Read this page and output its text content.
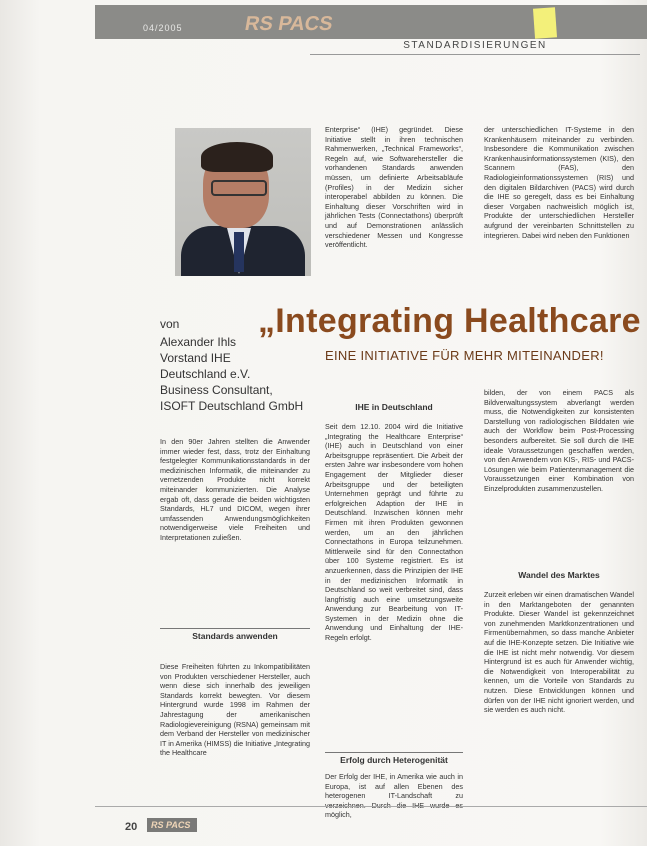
04/2005	RS PACS
STANDARDISIERUNGEN

Enterprise“ (IHE) gegründet. Diese Initiative stellt in ihren technischen Rahmenwerken, „Technical Frameworks“, Regeln auf, wie Softwarehersteller die vorhandenen Standards anwenden müssen, um definierte Arbeitsabläufe (Profiles) in der Medizin sicher interoperabel abbilden zu können. Die Einhaltung dieser Vorschriften wird in jährlichen Tests (Connectathons) überprüft und auf Demonstrationen anlässlich verschiedener Messen und Kongresse veröffentlicht.

der unterschiedlichen IT-Systeme in den Krankenhäusern miteinander zu verbinden. Insbesondere die Kommunikation zwischen Krankenhausinformationssystemen (KIS), den Scannern (FAS), den Radiologieinformationssystemen (RIS) und den digitalen Bildarchiven (PACS) wird durch die IHE so geregelt, dass es bei Einhaltung dieser Vorgaben nachweislich möglich ist, Produkte der unterschiedlichen Hersteller aufgrund der vereinbarten Schnittstellen zu integrieren. Dabei wird neben den Funktionen

„Integrating Healthcare
EINE INITIATIVE FÜR MEHR MITEINANDER!
von
Alexander Ihls
Vorstand IHE
Deutschland e.V.
Business Consultant,
ISOFT Deutschland GmbH

In den 90er Jahren stellten die Anwender immer wieder fest, dass, trotz der Einhaltung festgelegter Kommunikationsstandards in der medizinischen Informatik, die miteinander zu vernetzenden Produkte nicht korrekt miteinander kommunizierten. Die Analyse ergab oft, dass gerade die beiden wichtigsten Standards, HL7 und DICOM, wegen ihrer umfassenden Anwendungsmöglichkeiten notwendigerweise viele Freiheiten und Interpretationen zuließen.

Standards anwenden

Diese Freiheiten führten zu Inkompatibilitäten von Produkten verschiedener Hersteller, auch wenn diese sich innerhalb des jeweiligen Standards korrekt bewegten. Vor diesem Hintergrund wurde 1998 im Rahmen der Jahrestagung der amerikanischen Radiologievereinigung (RSNA) gemeinsam mit dem Verband der Hersteller von medizinischer IT in Amerika (HIMSS) die Initiative „Integrating the Healthcare

IHE in Deutschland

Seit dem 12.10. 2004 wird die Initiative „Integrating the Healthcare Enterprise“ (IHE) auch in Deutschland von einer Arbeitsgruppe repräsentiert. Die Arbeit der ersten Jahre war insbesondere vom hohen Engagement der Mitglieder dieser Arbeitsgruppe und der beteiligten Unternehmen geprägt und führte zu erfolgreichen Adaption der IHE in Deutschland. Inzwischen können mehr Firmen mit ihren Produkten gewonnen werden, um an den jährlichen Connectathons in Europa teilzunehmen. Mittlerweile sind für den Connectathon über 100 Systeme registriert. Es ist anzuerkennen, dass die Prinzipien der IHE in der medizinischen Informatik in Deutschland so weit verbreitet sind, dass langfristig auch eine umsetzungsweite Anwendung zur Bearbeitung von IT-Systemen in der Medizin ohne die Anwendung und Einhaltung der IHE-Regeln erfolgt.

Erfolg durch Heterogenität

Der Erfolg der IHE, in Amerika wie auch in Europa, ist auf allen Ebenen des heterogenen IT-Landschaft zu verzeichnen. Durch die IHE wurde es möglich,

bilden, der von einem PACS als Bildverwaltungssystem abverlangt werden muss, die Notwendigkeiten zur konsistenten Darstellung von radiologischen Bilddaten wie auch der Workflow beim Post-Processing besonders aufbereitet. Sie soll durch die IHE ideale Voraussetzungen geschaffen werden, von den Anwendern von KIS-, RIS- und PACS-Lösungen wie beim Patientenmanagement die Voraussetzungen einer Kombination von Einzelprodukten zusammenzustellen.

Wandel des Marktes

Zurzeit erleben wir einen dramatischen Wandel in den Marktangeboten der genannten Produkte. Dieser Wandel ist gekennzeichnet von zunehmenden Marktkonzentrationen und Firmenübernahmen, so dass manche Anbieter auf die IHE-Konzepte setzen. Die Initiative wie die IHE ist nicht mehr notwendig. Vor diesem Hintergrund ist es auch für Anwender wichtig, die Notwendigkeit von Interoperabilität zu kennen, um die Vorteile von Standards zu nutzen. Diese Entwicklungen können und dürfen von der IHE nicht ignoriert werden, und sie werden es auch nicht.

20	RS PACS
